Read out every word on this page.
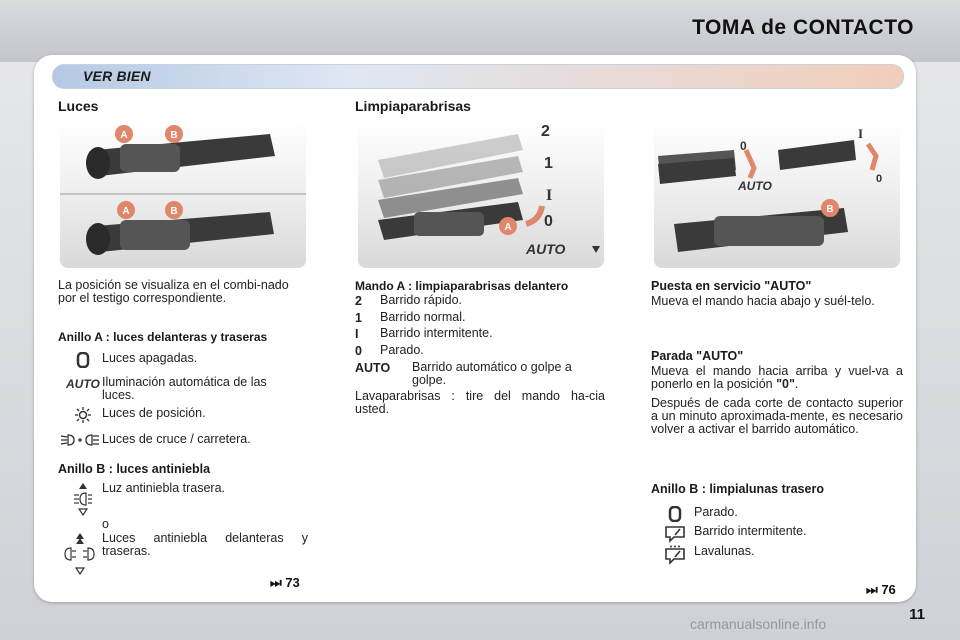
TOMA de CONTACTO
VER BIEN
Luces
A	B
A	B
La posición se visualiza en el combi-nado por el testigo correspondiente.
Anillo A : luces delanteras y traseras
Luces apagadas.
AUTO Iluminación automática de las luces.
Luces de posición.
Luces de cruce / carretera.
Anillo B : luces antiniebla
Luz antiniebla trasera.
o
Luces antiniebla delanteras y traseras.
⏭ 73
Limpiaparabrisas
A
2
1
I
0
AUTO
Mando A : limpiaparabrisas delantero
2	Barrido rápido.
1	Barrido normal.
I	Barrido intermitente.
0	Parado.
AUTO	Barrido automático o golpe a golpe.
Lavaparabrisas : tire del mando ha-cia usted.
0
AUTO
I
0
B
Puesta en servicio "AUTO"
Mueva el mando hacia abajo y suél-telo.
Parada "AUTO"
Mueva el mando hacia arriba y vuel-va a ponerlo en la posición "0".
Después de cada corte de contacto superior a un minuto aproximada-mente, es necesario volver a activar el barrido automático.
Anillo B : limpialunas trasero
Parado.
Barrido intermitente.
Lavalunas.
⏭ 76
11
carmanualsonline.info
